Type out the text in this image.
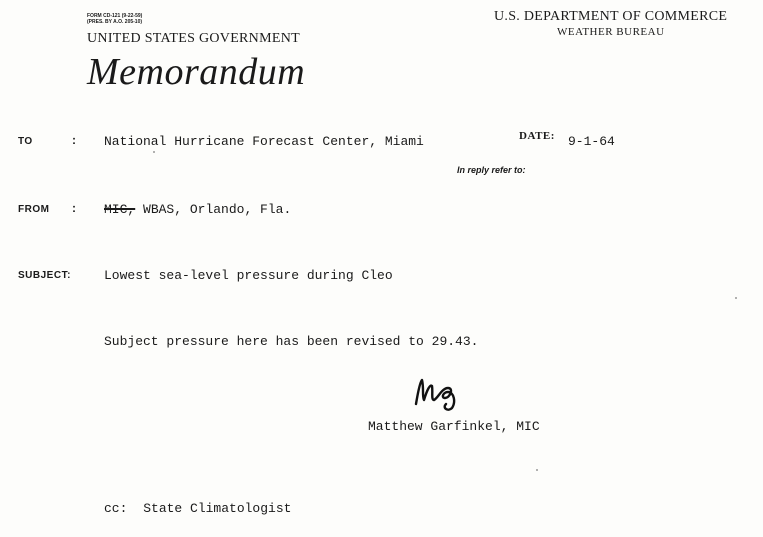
FORM CD-121 (9-22-59)
(PRES. BY A.O. 205-10)
UNITED STATES GOVERNMENT
U.S. DEPARTMENT OF COMMERCE
WEATHER BUREAU
Memorandum
TO	: National Hurricane Forecast Center, Miami	DATE: 9-1-64
In reply refer to:
FROM : MIC, WBAS, Orlando, Fla.
SUBJECT:	Lowest sea-level pressure during Cleo
Subject pressure here has been revised to 29.43.
Matthew Garfinkel, MIC
cc: State Climatologist
